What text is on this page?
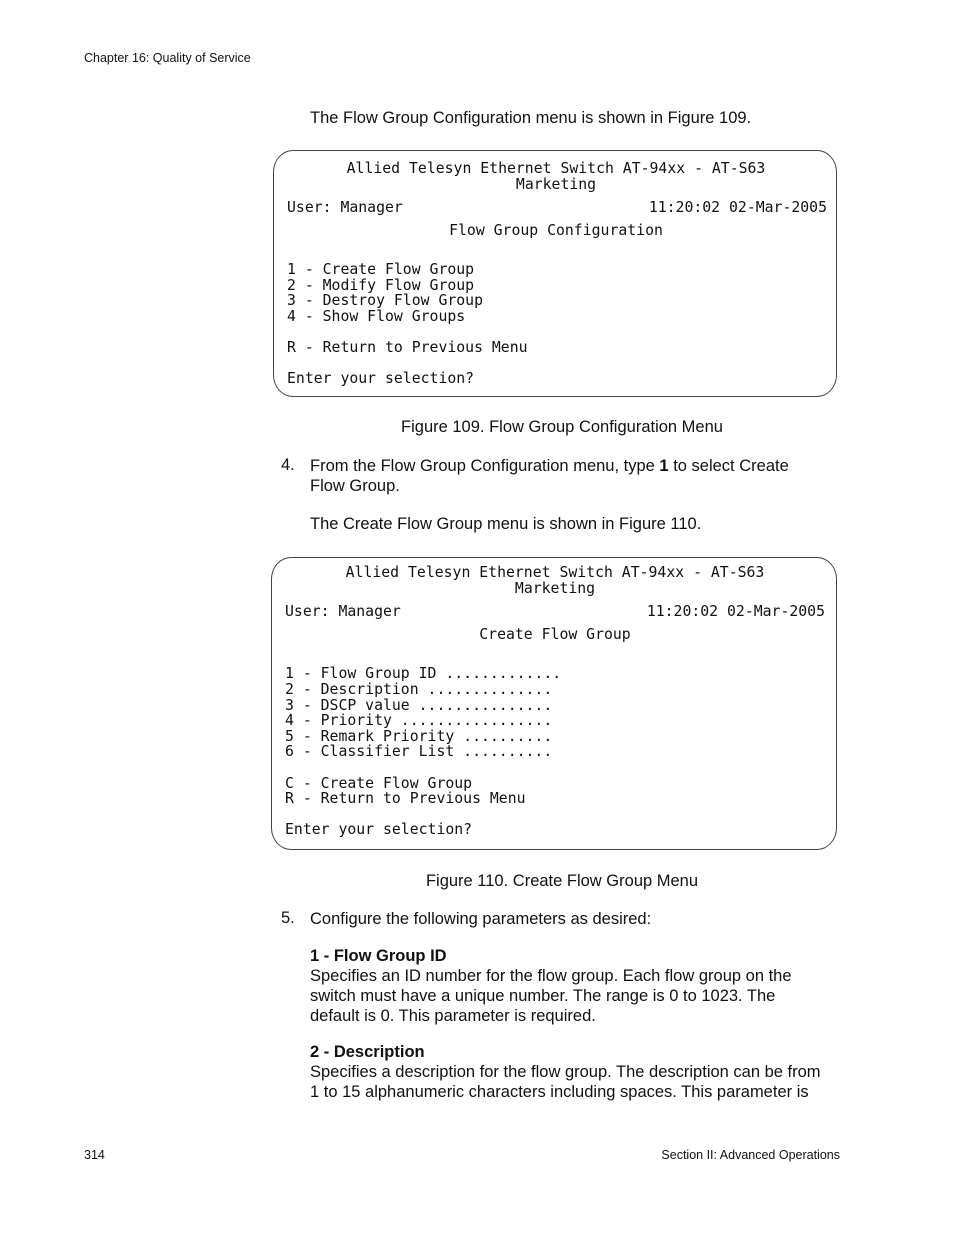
Chapter 16: Quality of Service
The Flow Group Configuration menu is shown in Figure 109.
Allied Telesyn Ethernet Switch AT-94xx - AT-S63
Marketing
User: Manager	11:20:02 02-Mar-2005
Flow Group Configuration
1 - Create Flow Group
2 - Modify Flow Group
3 - Destroy Flow Group
4 - Show Flow Groups
R - Return to Previous Menu
Enter your selection?
Figure 109. Flow Group Configuration Menu
4. From the Flow Group Configuration menu, type 1 to select Create
Flow Group.
The Create Flow Group menu is shown in Figure 110.
Allied Telesyn Ethernet Switch AT-94xx - AT-S63
Marketing
User: Manager	11:20:02 02-Mar-2005
Create Flow Group
1 - Flow Group ID .............
2 - Description ..............
3 - DSCP value ...............
4 - Priority .................
5 - Remark Priority ..........
6 - Classifier List ..........
C - Create Flow Group
R - Return to Previous Menu
Enter your selection?
Figure 110. Create Flow Group Menu
5. Configure the following parameters as desired:
1 - Flow Group ID
Specifies an ID number for the flow group. Each flow group on the
switch must have a unique number. The range is 0 to 1023. The
default is 0. This parameter is required.
2 - Description
Specifies a description for the flow group. The description can be from
1 to 15 alphanumeric characters including spaces. This parameter is
314	Section II: Advanced Operations
